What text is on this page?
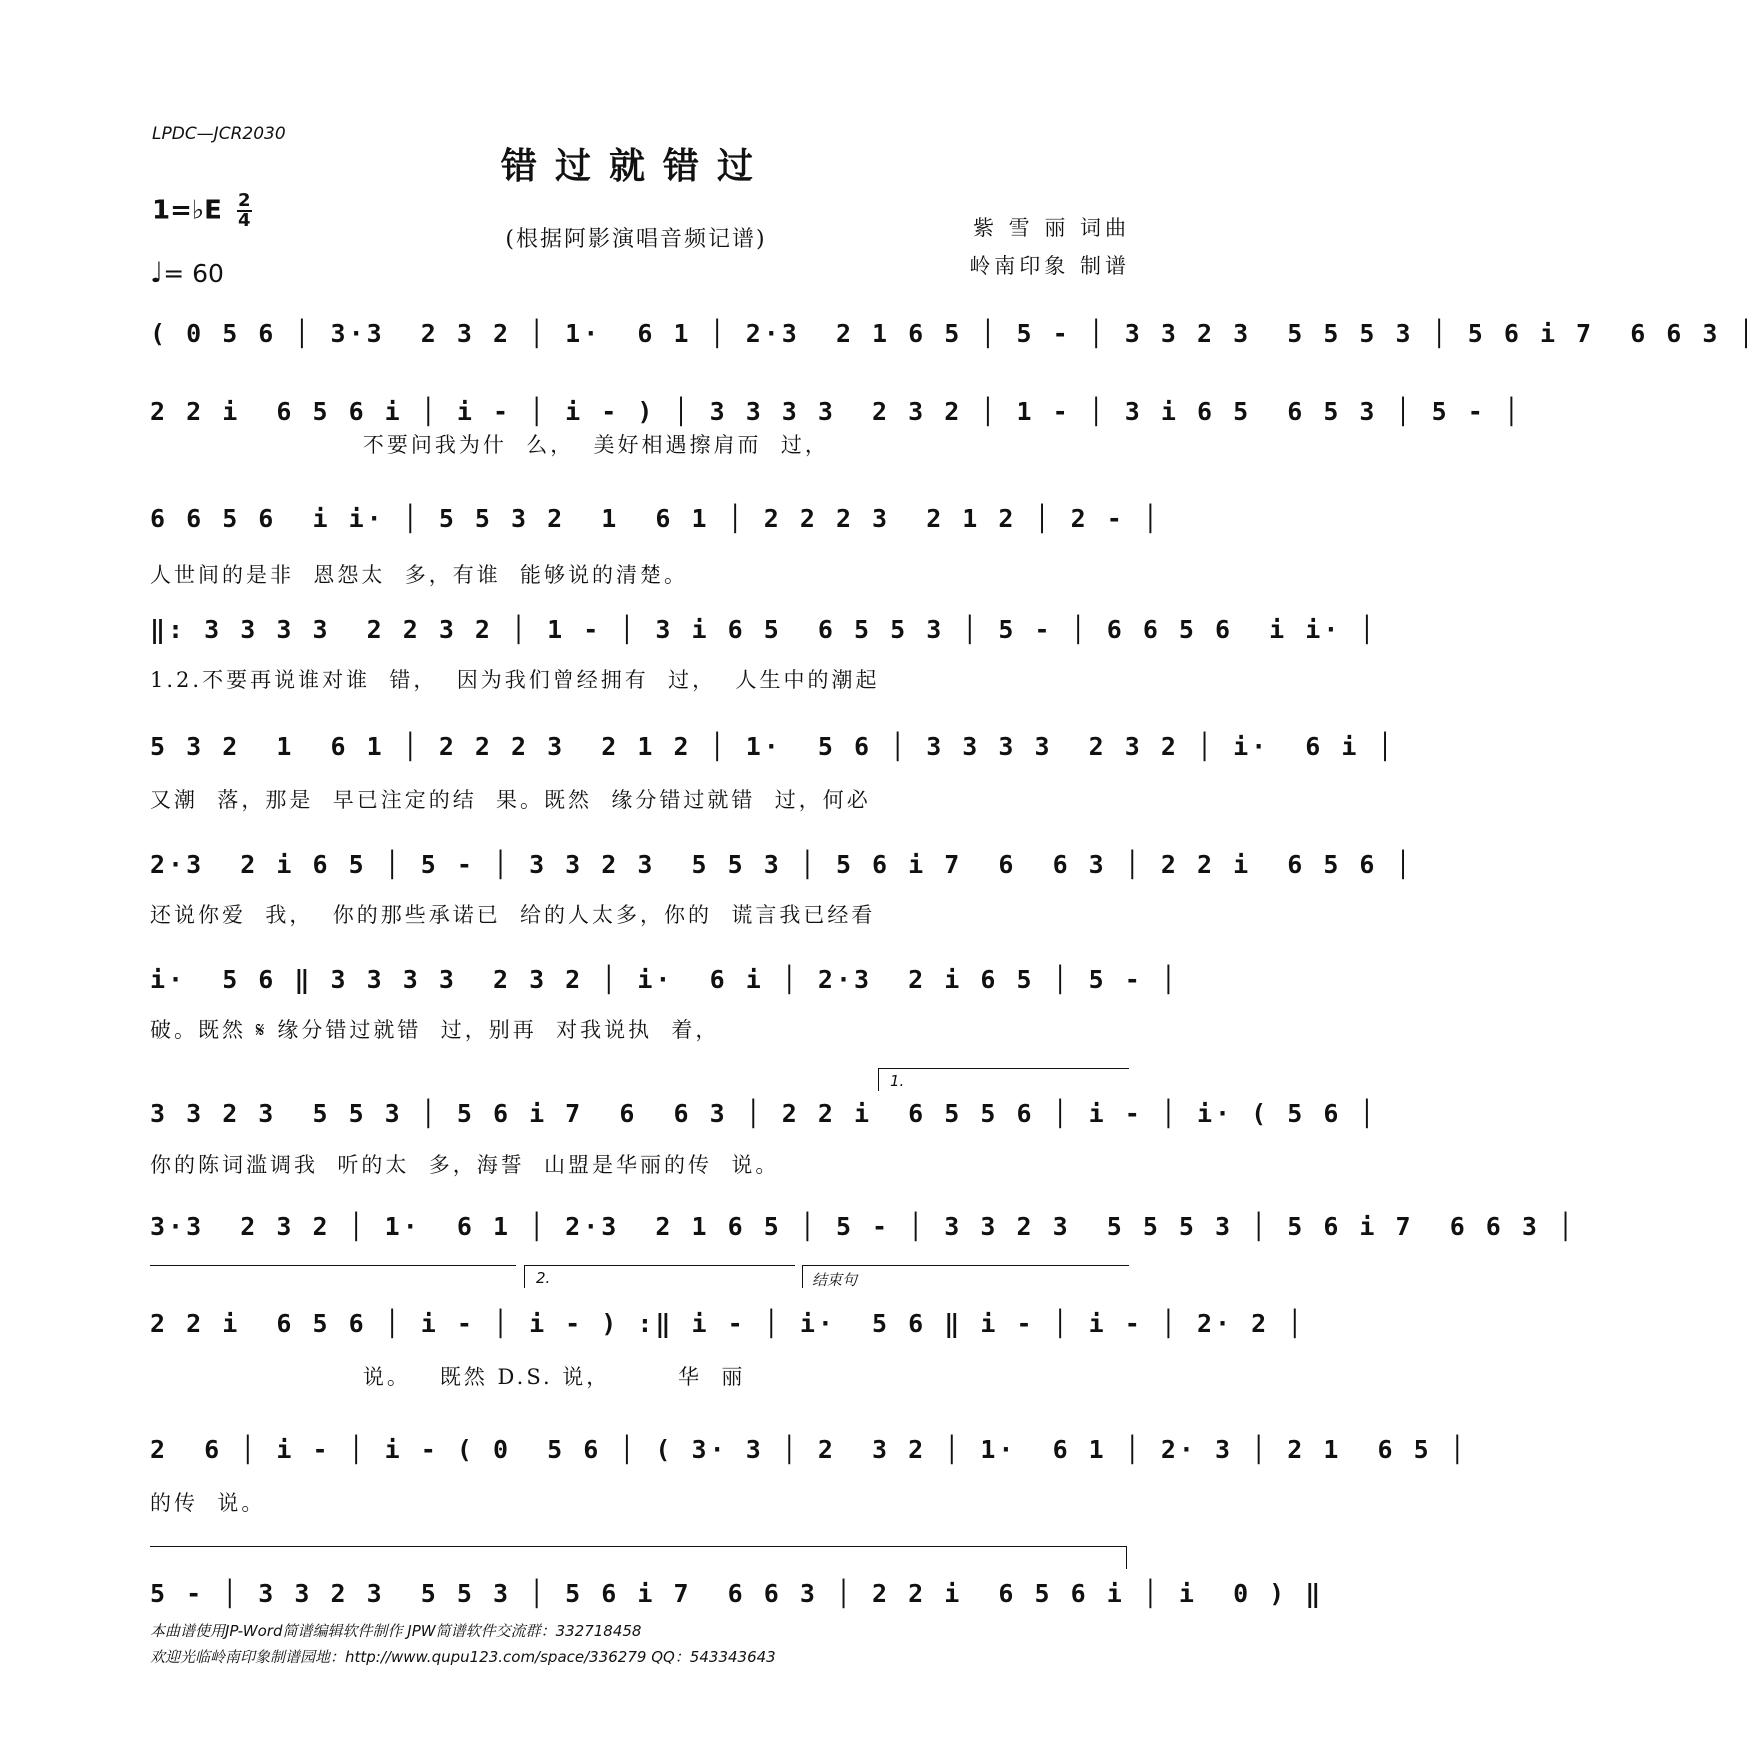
LPDC—JCR2030
错过就错过
1=♭E $\frac{2}{4}$
(根据阿影演唱音频记谱)
♩= 60
紫 雪 丽 词曲
岭南印象 制谱
( 0 5 6 │ 3·3  2 3 2 │ 1·  6 1 │ 2·3  2 1 6 5 │ 5 - │ 3 3 2 3  5 5 5 3 │ 5 6 i 7  6 6 3 │
2 2 i  6 5 6 i │ i - │ i - ) │ 3 3 3 3  2 3 2 │ 1 - │ 3 i 6 5  6 5 3 │ 5 - │
不要问我为什  么，  美好相遇擦肩而  过，
6 6 5 6  i i· │ 5 5 3 2  1  6 1 │ 2 2 2 3  2 1 2 │ 2 - │
人世间的是非  恩怨太  多，有谁  能够说的清楚。
‖: 3 3 3 3  2 2 3 2 │ 1 - │ 3 i 6 5  6 5 5 3 │ 5 - │ 6 6 5 6  i i· │
1.2.不要再说谁对谁  错，  因为我们曾经拥有  过，  人生中的潮起
5 3 2  1  6 1 │ 2 2 2 3  2 1 2 │ 1·  5 6 │ 3 3 3 3  2 3 2 │ i·  6 i │
又潮  落，那是  早已注定的结  果。既然  缘分错过就错  过，何必
2·3  2 i 6 5 │ 5 - │ 3 3 2 3  5 5 3 │ 5 6 i 7  6  6 3 │ 2 2 i  6 5 6 │
还说你爱  我，  你的那些承诺已  给的人太多，你的  谎言我已经看
i·  5 6 ‖ 3 3 3 3  2 3 2 │ i·  6 i │ 2·3  2 i 6 5 │ 5 - │
破。既然 𝄋 缘分错过就错  过，别再  对我说执  着，
1.
3 3 2 3  5 5 3 │ 5 6 i 7  6  6 3 │ 2 2 i  6 5 5 6 │ i - │ i· ( 5 6 │
你的陈词滥调我  听的太  多，海誓  山盟是华丽的传  说。
3·3  2 3 2 │ 1·  6 1 │ 2·3  2 1 6 5 │ 5 - │ 3 3 2 3  5 5 5 3 │ 5 6 i 7  6 6 3 │
2.	结束句
2 2 i  6 5 6 │ i - │ i - ) :‖ i - │ i·  5 6 ‖ i - │ i - │ 2· 2 │
说。   既然 D.S. 说，       华  丽
2  6 │ i - │ i - ( 0  5 6 │ ( 3· 3 │ 2  3 2 │ 1·  6 1 │ 2· 3 │ 2 1  6 5 │
的传  说。
5 - │ 3 3 2 3  5 5 3 │ 5 6 i 7  6 6 3 │ 2 2 i  6 5 6 i │ i  0 ) ‖
本曲谱使用JP-Word简谱编辑软件制作 JPW简谱软件交流群：332718458
欢迎光临岭南印象制谱园地：http://www.qupu123.com/space/336279 QQ：543343643
